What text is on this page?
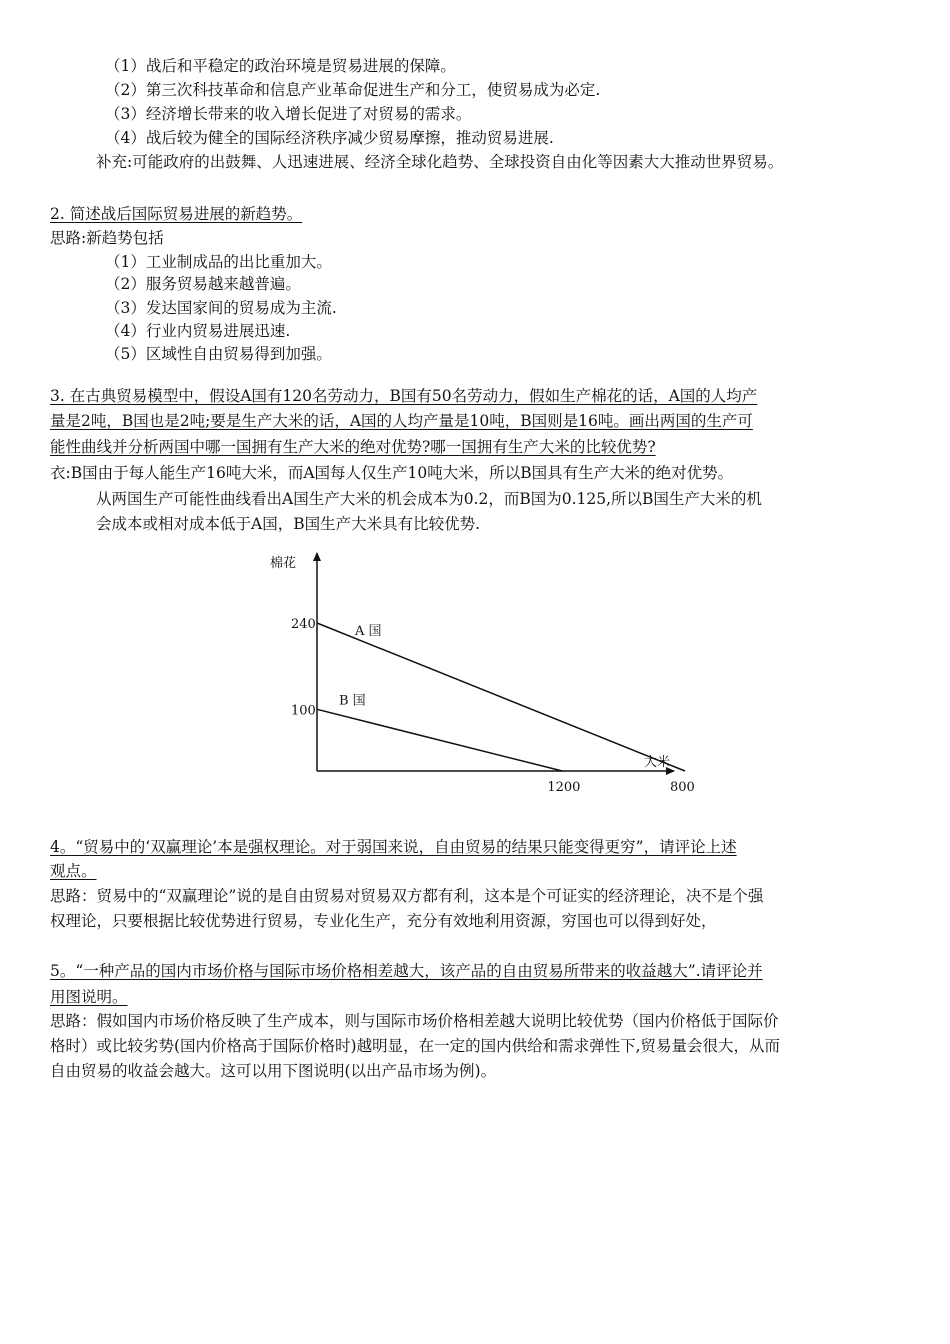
（1）战后和平稳定的政治环境是贸易进展的保障。
（2）第三次科技革命和信息产业革命促进生产和分工，使贸易成为必定.
（3）经济增长带来的收入增长促进了对贸易的需求。
（4）战后较为健全的国际经济秩序减少贸易摩擦，推动贸易进展.
补充:可能政府的出鼓舞、人迅速进展、经济全球化趋势、全球投资自由化等因素大大推动世界贸易。
2. 简述战后国际贸易进展的新趋势。
思路:新趋势包括
（1）工业制成品的出比重加大。
（2）服务贸易越来越普遍。
（3）发达国家间的贸易成为主流.
（4）行业内贸易进展迅速.
（5）区域性自由贸易得到加强。
3. 在古典贸易模型中，假设A国有120名劳动力，B国有50名劳动力，假如生产棉花的话，A国的人均产
量是2吨，B国也是2吨;要是生产大米的话，A国的人均产量是10吨，B国则是16吨。画出两国的生产可
能性曲线并分析两国中哪一国拥有生产大米的绝对优势?哪一国拥有生产大米的比较优势?
衣:B国由于每人能生产16吨大米，而A国每人仅生产10吨大米，所以B国具有生产大米的绝对优势。
从两国生产可能性曲线看出A国生产大米的机会成本为0.2，而B国为0.125,所以B国生产大米的机
会成本或相对成本低于A国，B国生产大米具有比较优势.
棉花
大米
A 国
B 国
240
800
100
1200
4。“贸易中的‘双赢理论’本是强权理论。对于弱国来说，自由贸易的结果只能变得更穷”，请评论上述
观点。
思路：贸易中的“双赢理论”说的是自由贸易对贸易双方都有利，这本是个可证实的经济理论，决不是个强
权理论，只要根据比较优势进行贸易，专业化生产，充分有效地利用资源，穷国也可以得到好处，
5。“一种产品的国内市场价格与国际市场价格相差越大，该产品的自由贸易所带来的收益越大”.请评论并
用图说明。
思路：假如国内市场价格反映了生产成本，则与国际市场价格相差越大说明比较优势（国内价格低于国际价
格时）或比较劣势(国内价格高于国际价格时)越明显，在一定的国内供给和需求弹性下,贸易量会很大，从而
自由贸易的收益会越大。这可以用下图说明(以出产品市场为例)。
